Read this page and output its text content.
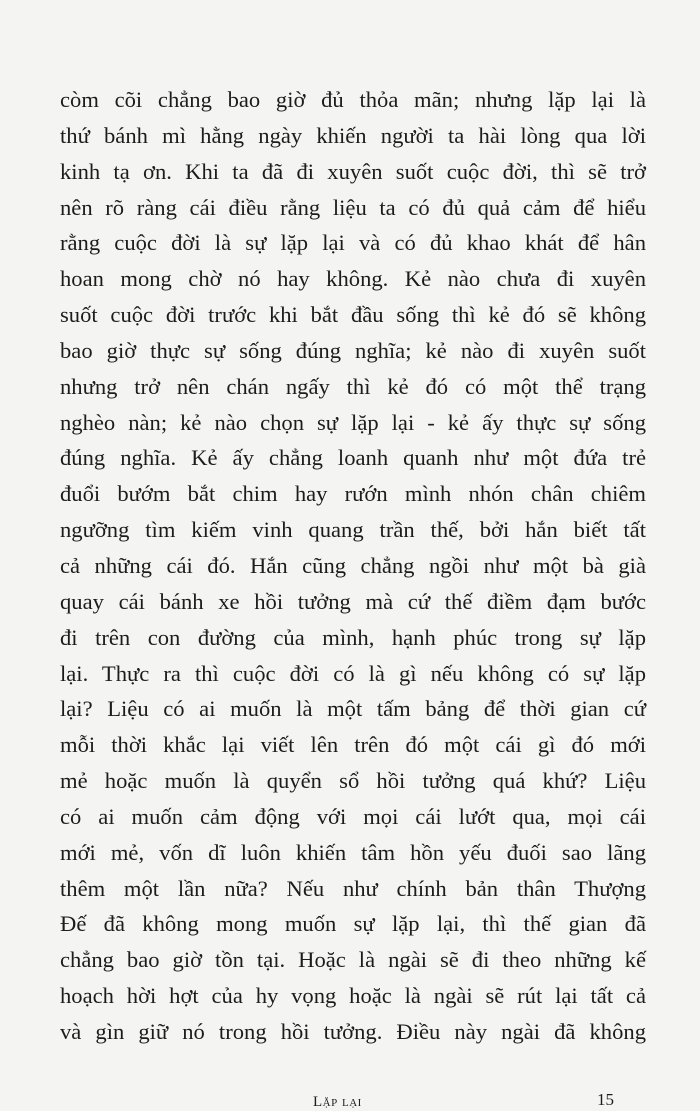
còm cõi chẳng bao giờ đủ thỏa mãn; nhưng lặp lại là
thứ bánh mì hằng ngày khiến người ta hài lòng qua lời
kinh tạ ơn. Khi ta đã đi xuyên suốt cuộc đời, thì sẽ trở
nên rõ ràng cái điều rằng liệu ta có đủ quả cảm để hiểu
rằng cuộc đời là sự lặp lại và có đủ khao khát để hân
hoan mong chờ nó hay không. Kẻ nào chưa đi xuyên
suốt cuộc đời trước khi bắt đầu sống thì kẻ đó sẽ không
bao giờ thực sự sống đúng nghĩa; kẻ nào đi xuyên suốt
nhưng trở nên chán ngấy thì kẻ đó có một thể trạng
nghèo nàn; kẻ nào chọn sự lặp lại - kẻ ấy thực sự sống
đúng nghĩa. Kẻ ấy chẳng loanh quanh như một đứa trẻ
đuổi bướm bắt chim hay rướn mình nhón chân chiêm
ngưỡng tìm kiếm vinh quang trần thế, bởi hắn biết tất
cả những cái đó. Hắn cũng chẳng ngồi như một bà già
quay cái bánh xe hồi tưởng mà cứ thế điềm đạm bước
đi trên con đường của mình, hạnh phúc trong sự lặp
lại. Thực ra thì cuộc đời có là gì nếu không có sự lặp
lại? Liệu có ai muốn là một tấm bảng để thời gian cứ
mỗi thời khắc lại viết lên trên đó một cái gì đó mới
mẻ hoặc muốn là quyển sổ hồi tưởng quá khứ? Liệu
có ai muốn cảm động với mọi cái lướt qua, mọi cái
mới mẻ, vốn dĩ luôn khiến tâm hồn yếu đuối sao lãng
thêm một lần nữa? Nếu như chính bản thân Thượng
Đế đã không mong muốn sự lặp lại, thì thế gian đã
chẳng bao giờ tồn tại. Hoặc là ngài sẽ đi theo những kế
hoạch hời hợt của hy vọng hoặc là ngài sẽ rút lại tất cả
và gìn giữ nó trong hồi tưởng. Điều này ngài đã không
Lặp lại	15
